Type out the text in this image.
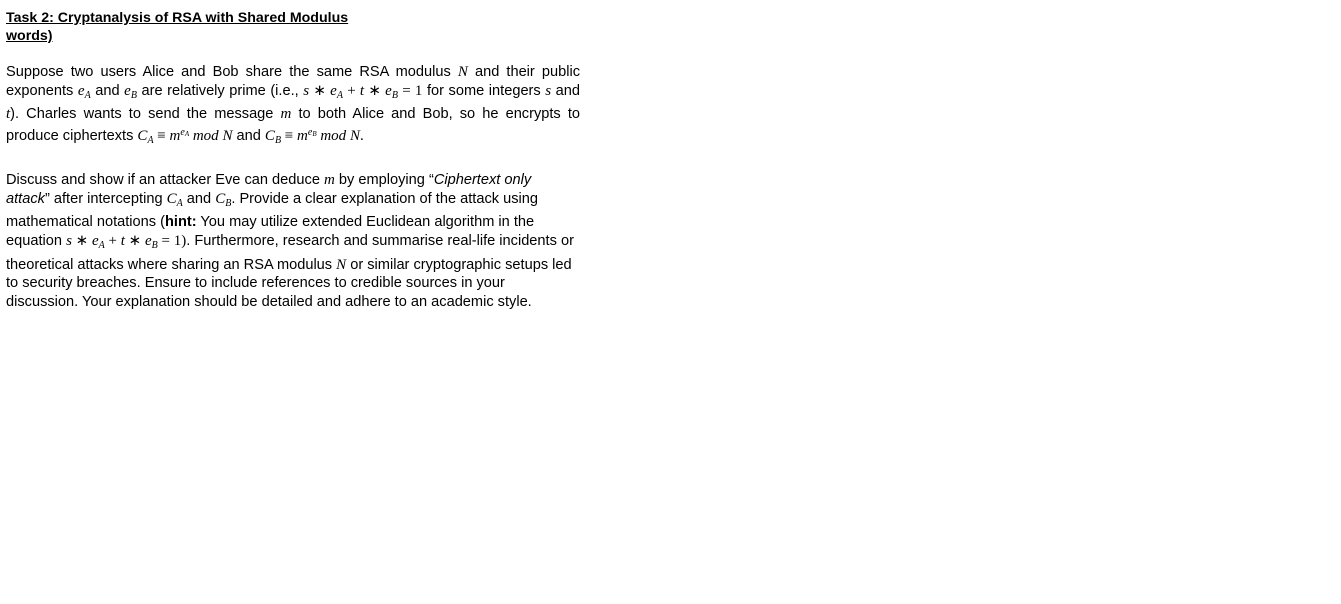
Task 2: Cryptanalysis of RSA with Shared Modulus
words)

Suppose two users Alice and Bob share the same RSA modulus N and their public exponents $e_A$ and $e_B$ are relatively prime (i.e., s ∗ $e_A + t$ ∗ $e_B = 1$ for some integers s and t). Charles wants to send the message m to both Alice and Bob, so he encrypts to produce ciphertexts $C_A \equiv m^{eA}$ mod N and $C_B \equiv m^{eB}$ mod N.

Discuss and show if an attacker Eve can deduce m by employing “Ciphertext only attack” after intercepting $C_A$ and $C_B$. Provide a clear explanation of the attack using mathematical notations (hint: You may utilize extended Euclidean algorithm in the equation s ∗ $e_A + t$ ∗ $e_B = 1$). Furthermore, research and summarise real-life incidents or theoretical attacks where sharing an RSA modulus N or similar cryptographic setups led to security breaches. Ensure to include references to credible sources in your discussion. Your explanation should be detailed and adhere to an academic style.
